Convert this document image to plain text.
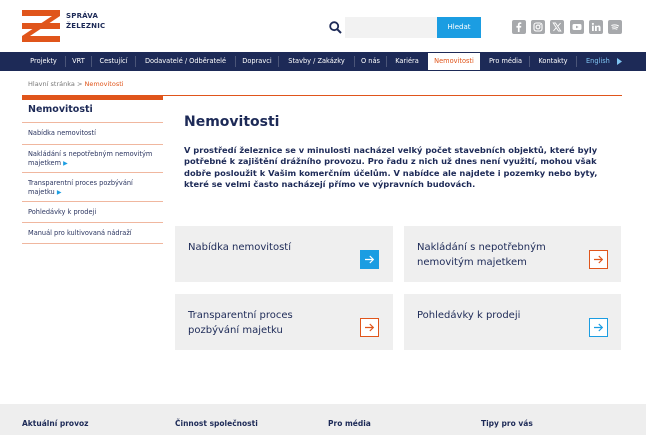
SPRÁVA
ŽELEZNIC	Hledat
Projekty	VRT	Cestující	Dodavatelé / Odběratelé	Dopravci	Stavby / Zakázky	O nás	Kariéra	Nemovitosti	Pro média	Kontakty	English
Hlavní stránka > Nemovitosti
Nemovitosti
Nabídka nemovitostí
Nakládání s nepotřebným nemovitým majetkem ▶
Transparentní proces pozbývání majetku ▶
Pohledávky k prodeji
Manuál pro kultivovaná nádraží
Nemovitosti
V prostředí železnice se v minulosti nacházel velký počet stavebních objektů, které byly potřebné k zajištění drážního provozu. Pro řadu z nich už dnes není využití, mohou však dobře posloužit k Vašim komerčním účelům. V nabídce ale najdete i pozemky nebo byty, které se velmi často nacházejí přímo ve výpravních budovách.
Nabídka nemovitostí	Nakládání s nepotřebným nemovitým majetkem
Transparentní proces pozbývání majetku
Pohledávky k prodeji
Aktuální provoz	Činnost společnosti	Pro média	Tipy pro vás
